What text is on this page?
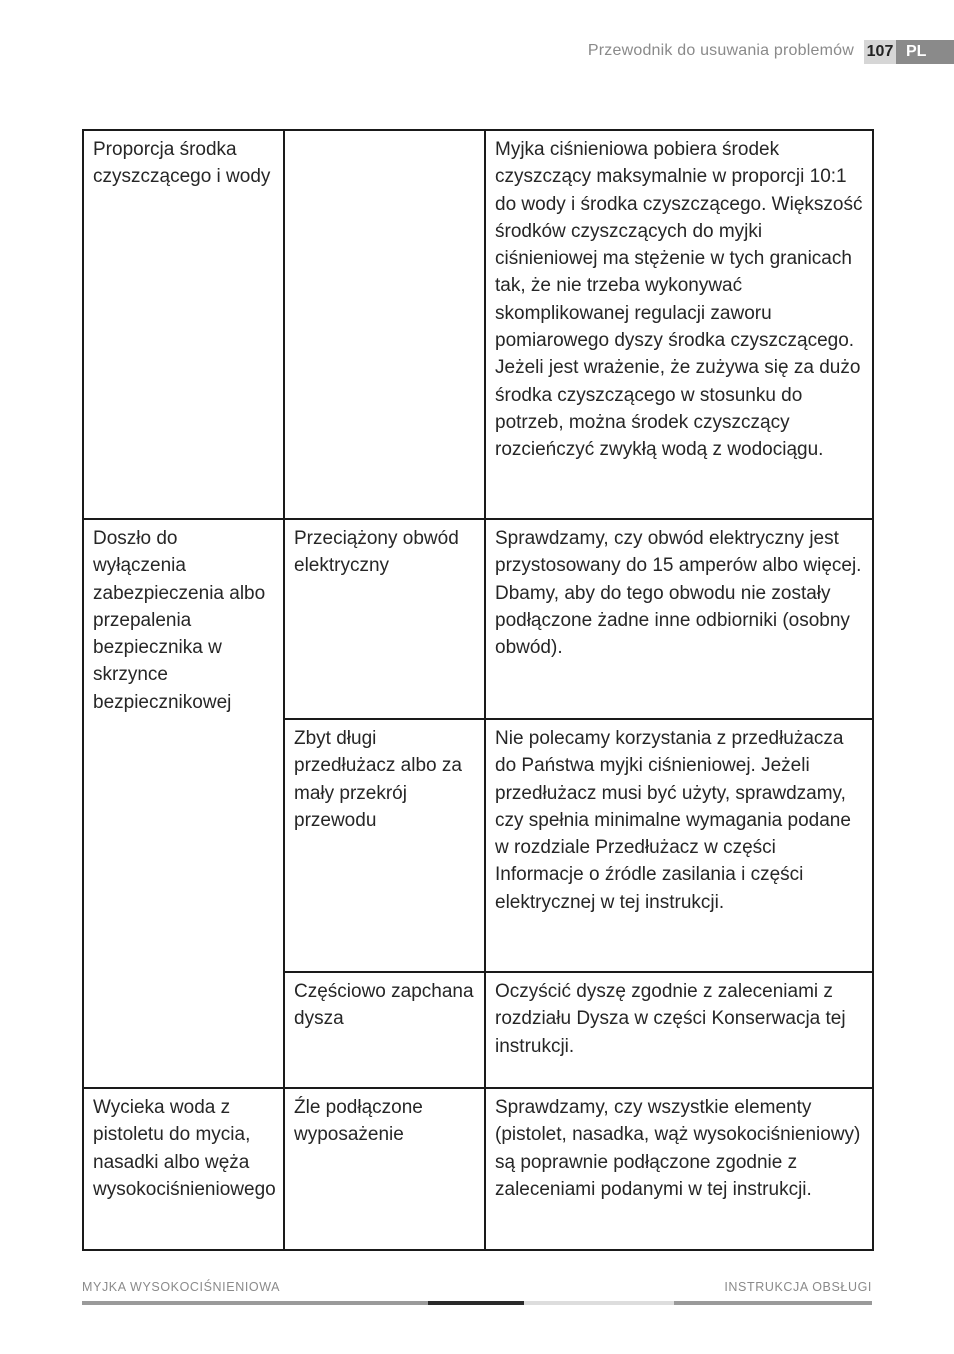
Przewodnik do usuwania problemów 107 PL
Proporcja środka czyszczącego i wody		Myjka ciśnieniowa pobiera środek czyszczący maksymalnie w proporcji 10:1 do wody i środka czyszczącego. Większość środków czyszczących do myjki ciśnieniowej ma stężenie w tych granicach tak, że nie trzeba wykonywać skomplikowanej regulacji zaworu pomiarowego dyszy środka czyszczącego. Jeżeli jest wrażenie, że zużywa się za dużo środka czyszczącego w stosunku do potrzeb, można środek czyszczący rozcieńczyć zwykłą wodą z wodociągu.
Doszło do wyłączenia zabezpieczenia albo przepalenia bezpiecznika w skrzynce bezpiecznikowej	Przeciążony obwód elektryczny	Sprawdzamy, czy obwód elektryczny jest przystosowany do 15 amperów albo więcej. Dbamy, aby do tego obwodu nie zostały podłączone żadne inne odbiorniki (osobny obwód).
	Zbyt długi przedłużacz albo za mały przekrój przewodu	Nie polecamy korzystania z przedłużacza do Państwa myjki ciśnieniowej. Jeżeli przedłużacz musi być użyty, sprawdzamy, czy spełnia minimalne wymagania podane w rozdziale Przedłużacz w części Informacje o źródle zasilania i części elektrycznej w tej instrukcji.
	Częściowo zapchana dysza	Oczyścić dyszę zgodnie z zaleceniami z rozdziału Dysza w części Konserwacja tej instrukcji.
Wycieka woda z pistoletu do mycia, nasadki albo węża wysokociśnieniowego	Źle podłączone wyposażenie	Sprawdzamy, czy wszystkie elementy (pistolet, nasadka, wąż wysokociśnieniowy) są poprawnie podłączone zgodnie z zaleceniami podanymi w tej instrukcji.
MYJKA WYSOKOCIŚNIENIOWA	INSTRUKCJA OBSŁUGI
